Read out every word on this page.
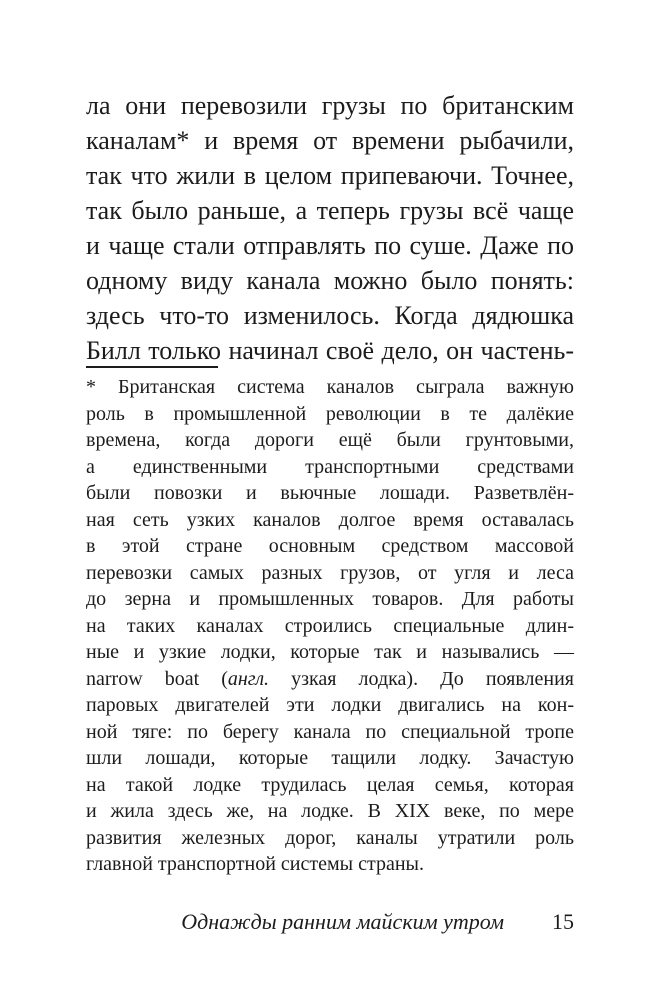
ла они перевозили грузы по британским
каналам* и время от времени рыбачили,
так что жили в целом припеваючи. Точнее,
так было раньше, а теперь грузы всё чаще
и чаще стали отправлять по суше. Даже по
одному виду канала можно было понять:
здесь что-то изменилось. Когда дядюшка
Билл только начинал своё дело, он частень-
* Британская система каналов сыграла важную
роль в промышленной революции в те далёкие
времена, когда дороги ещё были грунтовыми,
а единственными транспортными средствами
были повозки и вьючные лошади. Разветвлён-
ная сеть узких каналов долгое время оставалась
в этой стране основным средством массовой
перевозки самых разных грузов, от угля и леса
до зерна и промышленных товаров. Для работы
на таких каналах строились специальные длин-
ные и узкие лодки, которые так и назывались —
narrow boat (англ. узкая лодка). До появления
паровых двигателей эти лодки двигались на кон-
ной тяге: по берегу канала по специальной тропе
шли лошади, которые тащили лодку. Зачастую
на такой лодке трудилась целая семья, которая
и жила здесь же, на лодке. В XIX веке, по мере
развития железных дорог, каналы утратили роль
главной транспортной системы страны.
Однажды ранним майским утром 15
